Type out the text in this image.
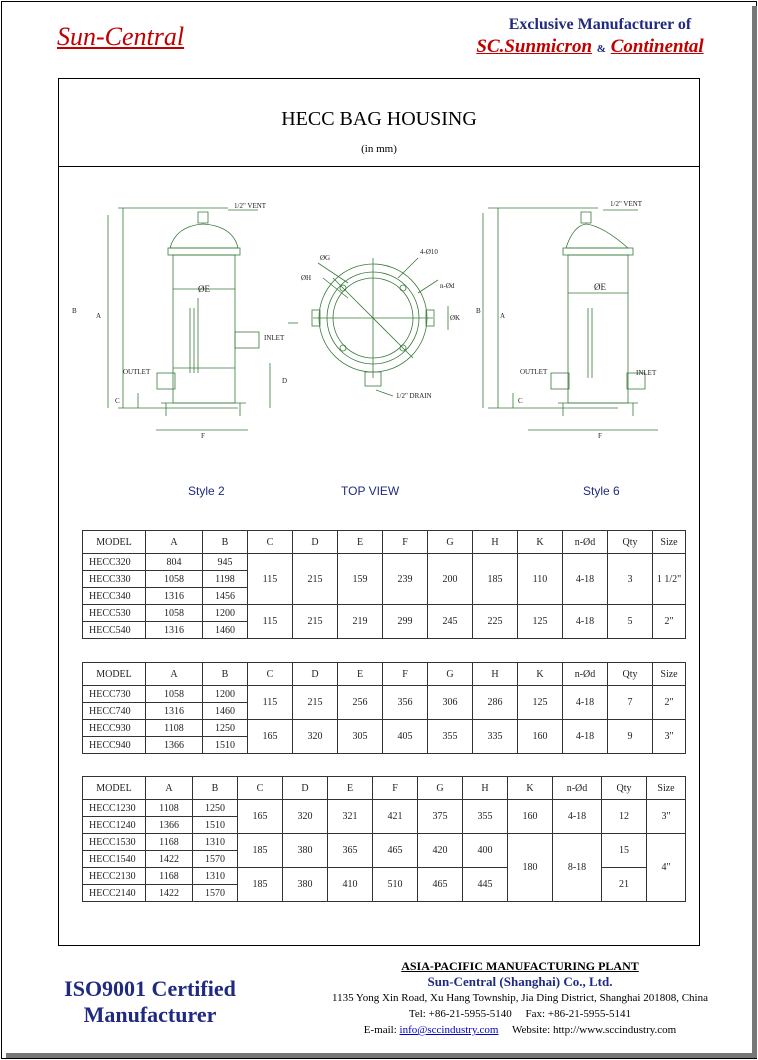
Sun-Central	Exclusive Manufacturer of
SC.Sunmicron & Continental
HECC BAG HOUSING
(in mm)
1/2" VENT
ØE
INLET
OUTLET
B
A
C
D
F
ØG
ØH
4-Ø10
n-Ød
ØK
1/2" DRAIN
1/2" VENT
ØE
INLET
OUTLET
B
A
C
F
Style 2	TOP VIEW	Style 6
MODEL	A	B	C	D	E	F	G	H	K	n-Ød	Qty	Size
HECC320	804	945	115	215	159	239	200	185	110	4-18	3	1 1/2"
HECC330	1058	1198										
HECC340	1316	1456										
HECC530	1058	1200	115	215	219	299	245	225	125	4-18	5	2"
HECC540	1316	1460										
MODEL	A	B	C	D	E	F	G	H	K	n-Ød	Qty	Size
HECC730	1058	1200	115	215	256	356	306	286	125	4-18	7	2"
HECC740	1316	1460										
HECC930	1108	1250	165	320	305	405	355	335	160	4-18	9	3"
HECC940	1366	1510										
MODEL	A	B	C	D	E	F	G	H	K	n-Ød	Qty	Size
HECC1230	1108	1250	165	320	321	421	375	355	160	4-18	12	3"
HECC1240	1366	1510										
HECC1530	1168	1310	185	380	365	465	420	400	180	8-18	15	4"
HECC1540	1422	1570										
HECC2130	1168	1310	185	380	410	510	465	445			21	
HECC2140	1422	1570										
ISO9001 Certified
Manufacturer
ASIA-PACIFIC MANUFACTURING PLANT
Sun-Central (Shanghai) Co., Ltd.
1135 Yong Xin Road, Xu Hang Township, Jia Ding District, Shanghai 201808, China
Tel: +86-21-5955-5140     Fax: +86-21-5955-5141
E-mail: info@sccindustry.com Website: http://www.sccindustry.com
